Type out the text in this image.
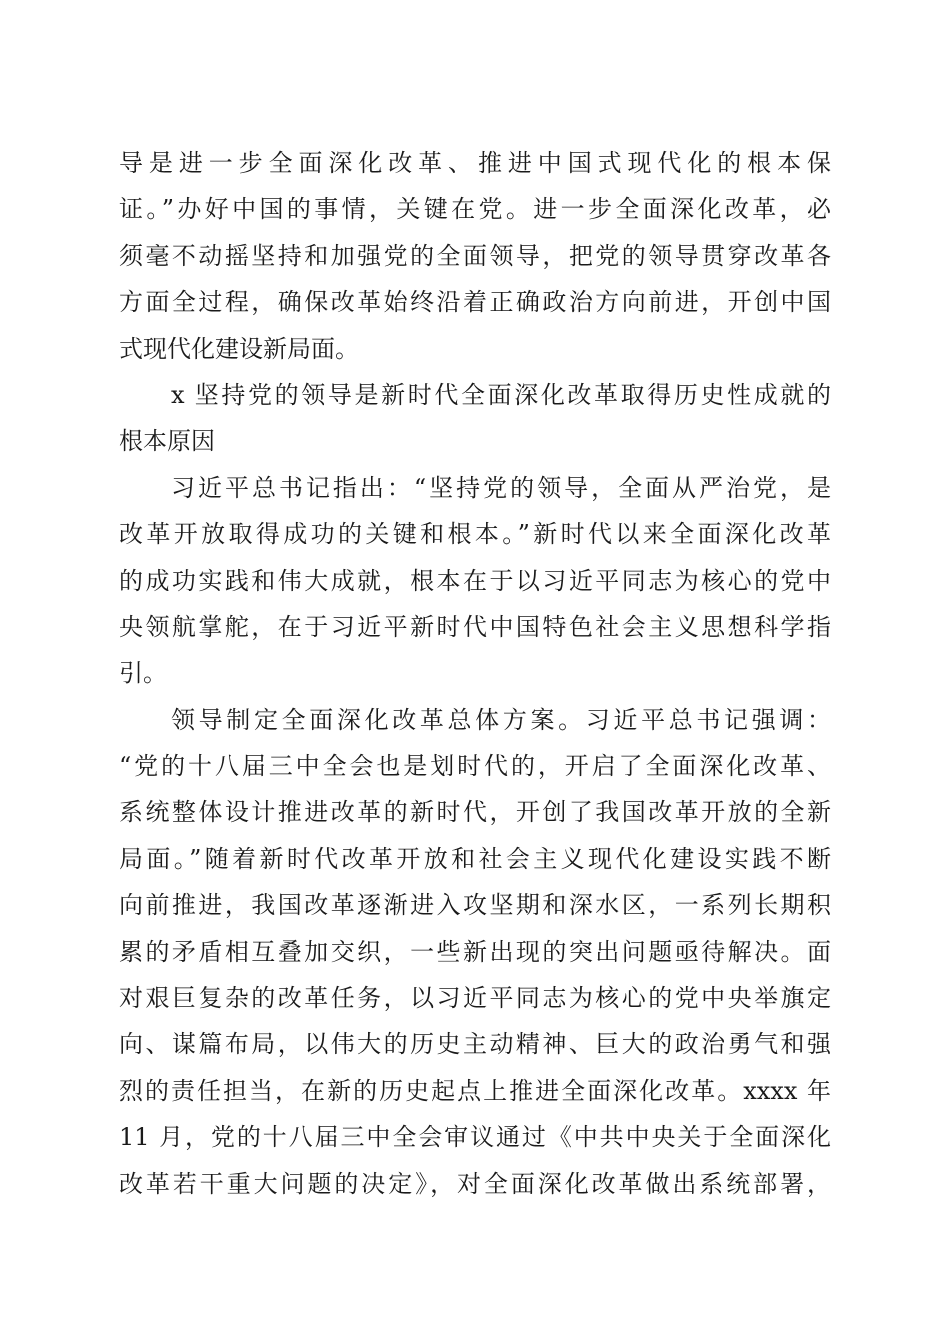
导是进一步全面深化改革、推进中国式现代化的根本保
证。”办好中国的事情，关键在党。进一步全面深化改革，必
须毫不动摇坚持和加强党的全面领导，把党的领导贯穿改革各
方面全过程，确保改革始终沿着正确政治方向前进，开创中国
式现代化建设新局面。
x 坚持党的领导是新时代全面深化改革取得历史性成就的
根本原因
习近平总书记指出：“坚持党的领导，全面从严治党，是
改革开放取得成功的关键和根本。”新时代以来全面深化改革
的成功实践和伟大成就，根本在于以习近平同志为核心的党中
央领航掌舵，在于习近平新时代中国特色社会主义思想科学指
引。
领导制定全面深化改革总体方案。习近平总书记强调：
“党的十八届三中全会也是划时代的，开启了全面深化改革、
系统整体设计推进改革的新时代，开创了我国改革开放的全新
局面。”随着新时代改革开放和社会主义现代化建设实践不断
向前推进，我国改革逐渐进入攻坚期和深水区，一系列长期积
累的矛盾相互叠加交织，一些新出现的突出问题亟待解决。面
对艰巨复杂的改革任务，以习近平同志为核心的党中央举旗定
向、谋篇布局，以伟大的历史主动精神、巨大的政治勇气和强
烈的责任担当，在新的历史起点上推进全面深化改革。xxxx 年
11 月，党的十八届三中全会审议通过《中共中央关于全面深化
改革若干重大问题的决定》，对全面深化改革做出系统部署，
